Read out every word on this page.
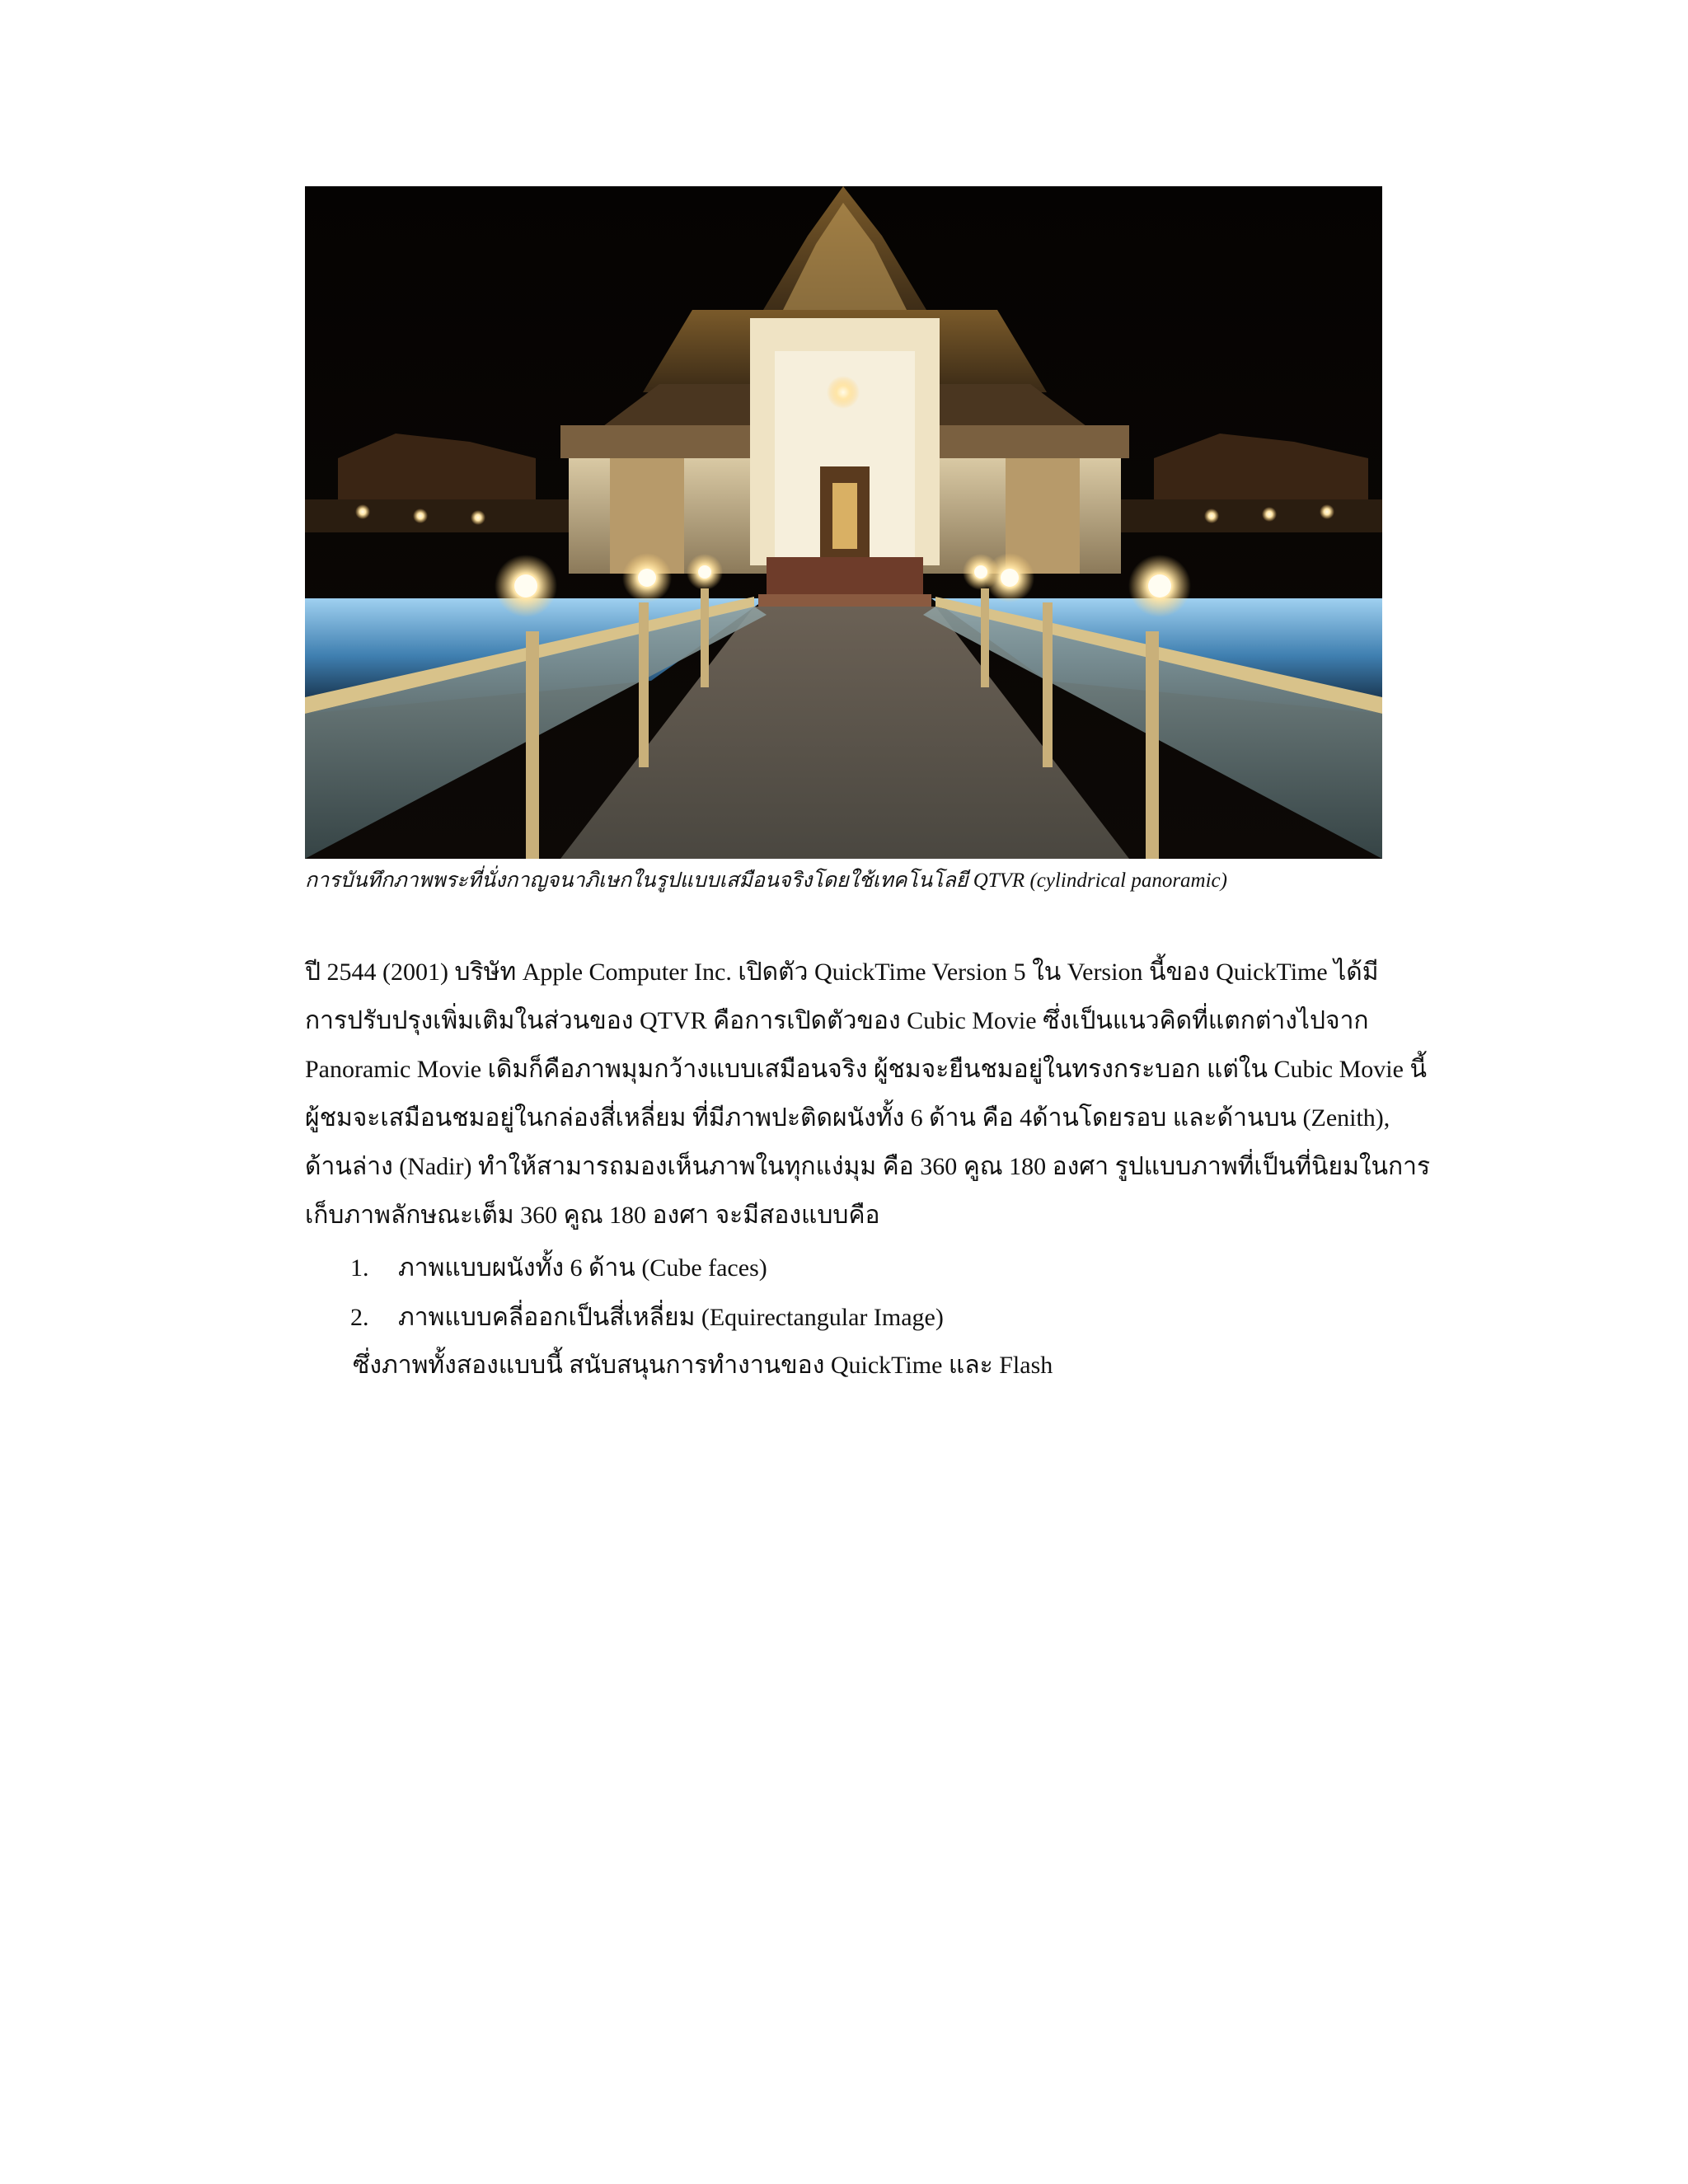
การบันทึกภาพพระที่นั่งกาญจนาภิเษกในรูปแบบเสมือนจริงโดยใช้เทคโนโลยี QTVR (cylindrical panoramic)
ปี 2544 (2001) บริษัท Apple Computer Inc. เปิดตัว QuickTime Version 5 ใน Version นี้ของ QuickTime ได้มี
การปรับปรุงเพิ่มเติมในส่วนของ QTVR คือการเปิดตัวของ Cubic Movie ซึ่งเป็นแนวคิดที่แตกต่างไปจาก
Panoramic Movie เดิมก็คือภาพมุมกว้างแบบเสมือนจริง ผู้ชมจะยืนชมอยู่ในทรงกระบอก แต่ใน Cubic Movie นี้
ผู้ชมจะเสมือนชมอยู่ในกล่องสี่เหลี่ยม ที่มีภาพปะติดผนังทั้ง 6 ด้าน คือ 4ด้านโดยรอบ และด้านบน (Zenith),
ด้านล่าง (Nadir) ทำให้สามารถมองเห็นภาพในทุกแง่มุม คือ 360 คูณ 180 องศา รูปแบบภาพที่เป็นที่นิยมในการ
เก็บภาพลักษณะเต็ม 360 คูณ 180 องศา จะมีสองแบบคือ
1. ภาพแบบผนังทั้ง 6 ด้าน (Cube faces)
2. ภาพแบบคลี่ออกเป็นสี่เหลี่ยม (Equirectangular Image)
ซึ่งภาพทั้งสองแบบนี้ สนับสนุนการทำงานของ QuickTime และ Flash
